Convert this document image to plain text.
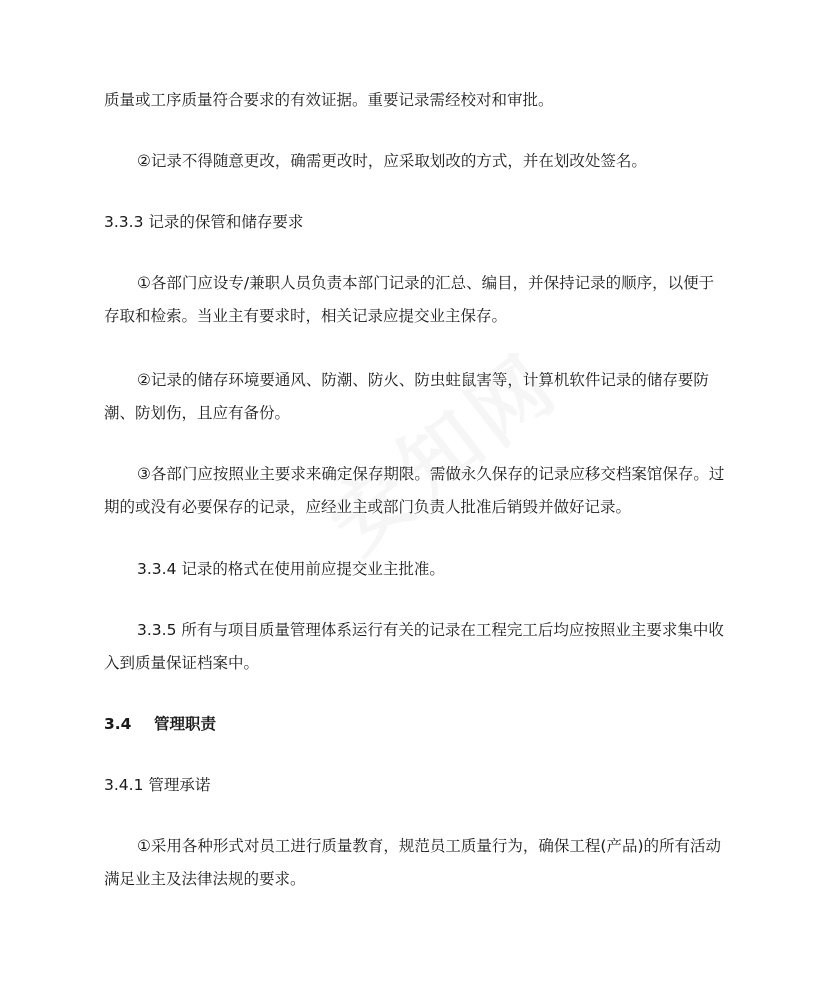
质量或工序质量符合要求的有效证据。重要记录需经校对和审批。

②记录不得随意更改，确需更改时，应采取划改的方式，并在划改处签名。

3.3.3 记录的保管和储存要求

①各部门应设专/兼职人员负责本部门记录的汇总、编目，并保持记录的顺序，以便于存取和检索。当业主有要求时，相关记录应提交业主保存。

②记录的储存环境要通风、防潮、防火、防虫蛀鼠害等，计算机软件记录的储存要防潮、防划伤，且应有备份。

③各部门应按照业主要求来确定保存期限。需做永久保存的记录应移交档案馆保存。过期的或没有必要保存的记录，应经业主或部门负责人批准后销毁并做好记录。

3.3.4 记录的格式在使用前应提交业主批准。

3.3.5 所有与项目质量管理体系运行有关的记录在工程完工后均应按照业主要求集中收入到质量保证档案中。

3.4 管理职责

3.4.1 管理承诺

①采用各种形式对员工进行质量教育，规范员工质量行为，确保工程(产品)的所有活动满足业主及法律法规的要求。
